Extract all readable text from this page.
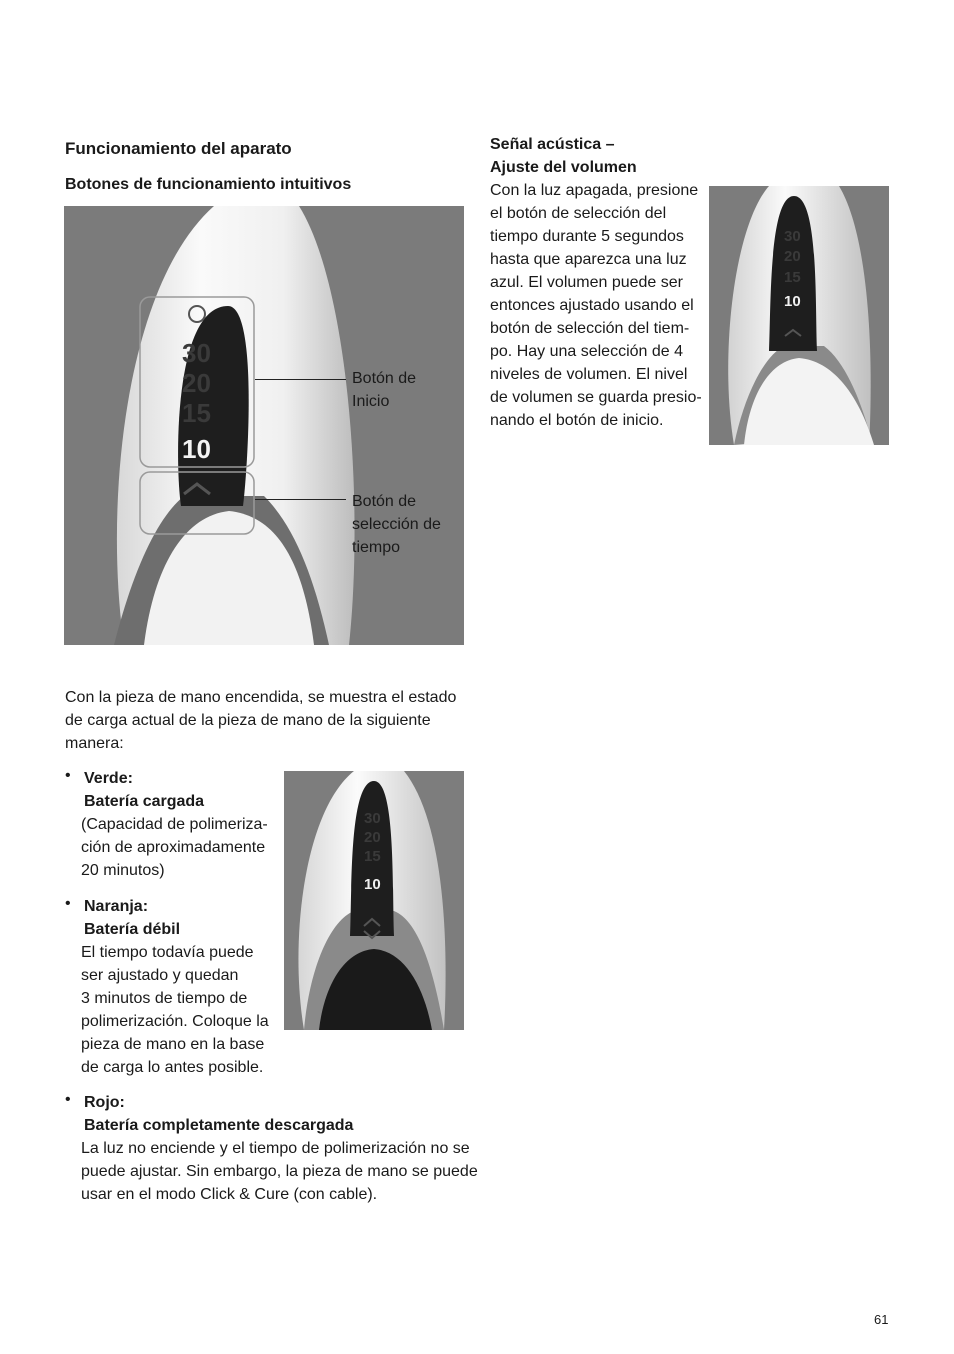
Funcionamiento del aparato
Botones de funcionamiento intuitivos
30
20
15
10
Botón de
Inicio
Botón de
selección de
tiempo
Con la pieza de mano encendida, se muestra el estado
de carga actual de la pieza de mano de la siguiente
manera:
• Verde:
Batería cargada
(Capacidad de polimeriza-
ción de aproximadamente
20 minutos)
30
20
15
10
• Naranja:
Batería débil
El tiempo todavía puede
ser ajustado y quedan
3 minutos de tiempo de
polimerización. Coloque la
pieza de mano en la base
de carga lo antes posible.
• Rojo:
Batería completamente descargada
La luz no enciende y el tiempo de polimerización no se
puede ajustar. Sin embargo, la pieza de mano se puede
usar en el modo Click & Cure (con cable).
Señal acústica –
Ajuste del volumen
Con la luz apagada, presione
el botón de selección del
tiempo durante 5 segundos
hasta que aparezca una luz
azul. El volumen puede ser
entonces ajustado usando el
botón de selección del tiem-
po. Hay una selección de 4
niveles de volumen. El nivel
de volumen se guarda presio-
nando el botón de inicio.
30
20
15
10
61
